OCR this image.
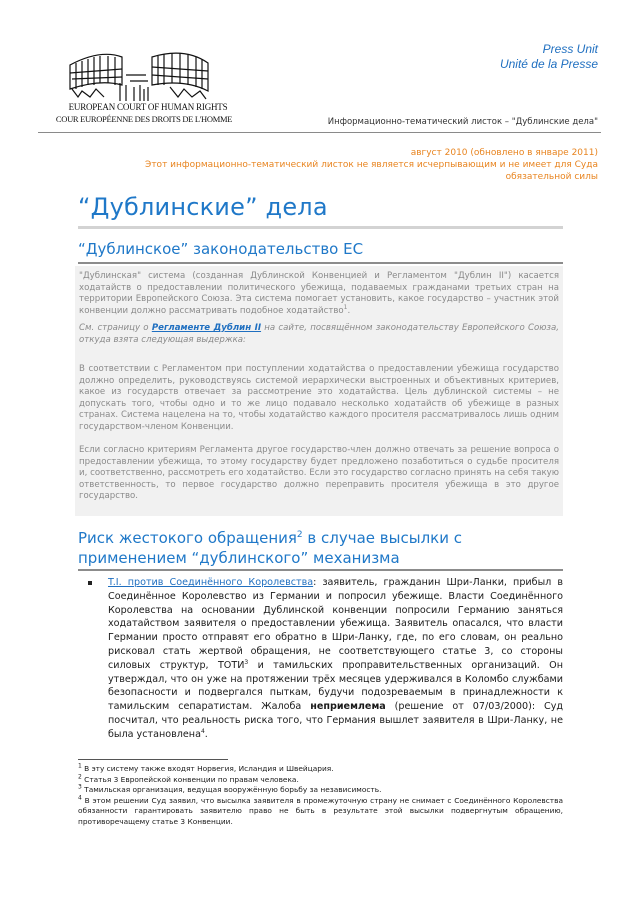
EUROPEAN COURT OF HUMAN RIGHTS
COUR EUROPÉENNE DES DROITS DE L'HOMME
Press Unit
Unité de la Presse
Информационно-тематический листок – "Дублинские дела"
август 2010 (обновлено в январе 2011)
Этот информационно-тематический листок не является исчерпывающим и не имеет для Суда
обязательной силы
“Дублинские” дела
“Дублинское” законодательство ЕС

"Дублинская" система (созданная Дублинской Конвенцией и Регламентом "Дублин II") касается ходатайств о предоставлении политического убежища, подаваемых гражданами третьих стран на территории Европейского Союза. Эта система помогает установить, какое государство – участник этой конвенции должно рассматривать подобное ходатайство$^1$.

См. страницу о Регламенте Дублин II на сайте, посвящённом законодательству Европейского Союза, откуда взята следующая выдержка:

В соответствии с Регламентом при поступлении ходатайства о предоставлении убежища государство должно определить, руководствуясь системой иерархически выстроенных и объективных критериев, какое из государств отвечает за рассмотрение это ходатайства. Цель дублинской системы – не допускать того, чтобы одно и то же лицо подавало несколько ходатайств об убежище в разных странах. Система нацелена на то, чтобы ходатайство каждого просителя рассматривалось лишь одним государством-членом Конвенции.

Если согласно критериям Регламента другое государство-член должно отвечать за решение вопроса о предоставлении убежища, то этому государству будет предложено позаботиться о судьбе просителя и, соответственно, рассмотреть его ходатайство. Если это государство согласно принять на себя такую ответственность, то первое государство должно переправить просителя убежища в это другое государство.

Риск жестокого обращения$^2$ в случае высылки с применением “дублинского” механизма
T.I. против Соединённого Королевства: заявитель, гражданин Шри-Ланки, прибыл в Соединённое Королевство из Германии и попросил убежище. Власти Соединённого Королевства на основании Дублинской конвенции попросили Германию заняться ходатайством заявителя о предоставлении убежища. Заявитель опасался, что власти Германии просто отправят его обратно в Шри-Ланку, где, по его словам, он реально рисковал стать жертвой обращения, не соответствующего статье 3, со стороны силовых структур, ТОТИ$^3$ и тамильских проправительственных организаций. Он утверждал, что он уже на протяжении трёх месяцев удерживался в Коломбо службами безопасности и подвергался пыткам, будучи подозреваемым в принадлежности к тамильским сепаратистам. Жалоба неприемлема (решение от 07/03/2000): Суд посчитал, что реальность риска того, что Германия вышлет заявителя в Шри-Ланку, не была установлена$^4$.
$^1$ В эту систему также входят Норвегия, Исландия и Швейцария.
$^2$ Статья 3 Европейской конвенции по правам человека.
$^3$ Тамильская организация, ведущая вооружённую борьбу за независимость.
$^4$ В этом решении Суд заявил, что высылка заявителя в промежуточную страну не снимает с Соединённого Королевства обязанности гарантировать заявителю право не быть в результате этой высылки подвергнутым обращению, противоречащему статье 3 Конвенции.
